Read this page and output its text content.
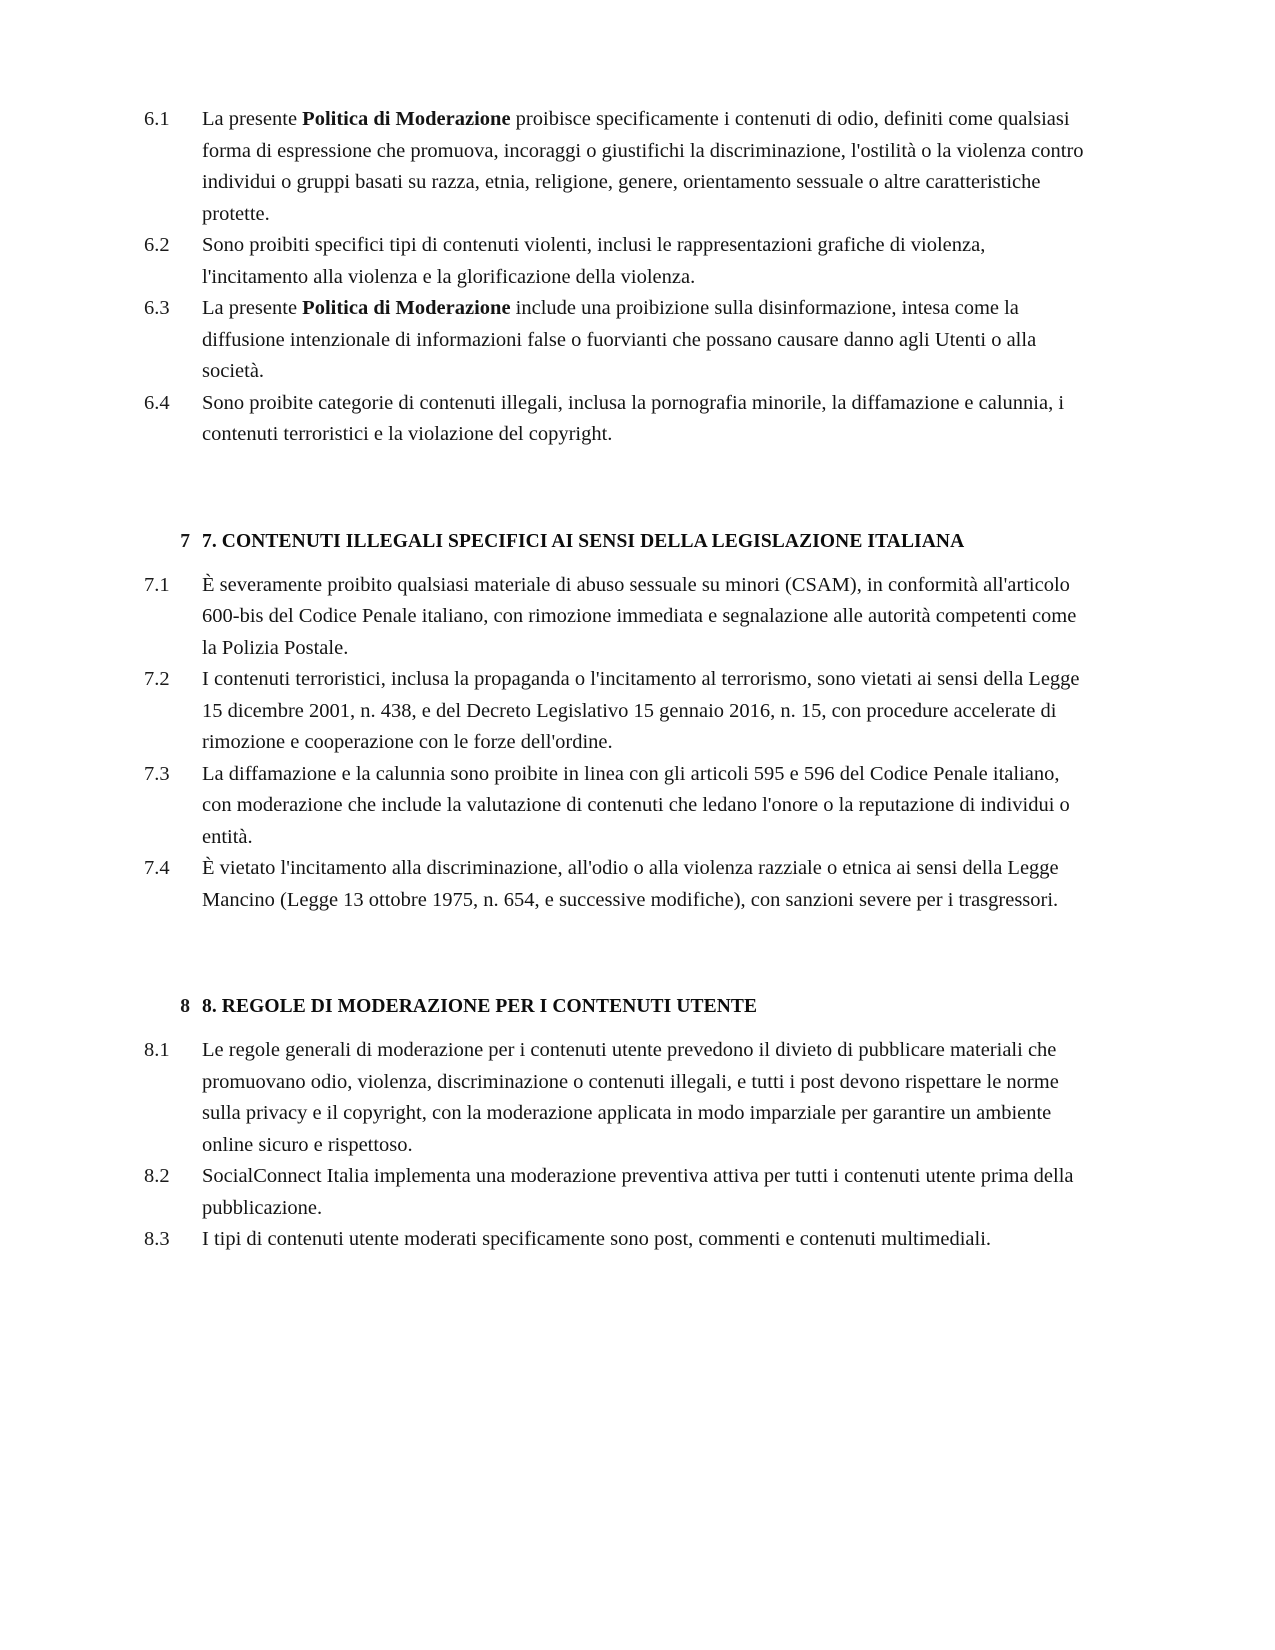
6.1	La presente Politica di Moderazione proibisce specificamente i contenuti di odio, definiti come qualsiasi forma di espressione che promuova, incoraggi o giustifichi la discriminazione, l'ostilità o la violenza contro individui o gruppi basati su razza, etnia, religione, genere, orientamento sessuale o altre caratteristiche protette.
6.2	Sono proibiti specifici tipi di contenuti violenti, inclusi le rappresentazioni grafiche di violenza, l'incitamento alla violenza e la glorificazione della violenza.
6.3	La presente Politica di Moderazione include una proibizione sulla disinformazione, intesa come la diffusione intenzionale di informazioni false o fuorvianti che possano causare danno agli Utenti o alla società.
6.4	Sono proibite categorie di contenuti illegali, inclusa la pornografia minorile, la diffamazione e calunnia, i contenuti terroristici e la violazione del copyright.
7 7. CONTENUTI ILLEGALI SPECIFICI AI SENSI DELLA LEGISLAZIONE ITALIANA
7.1	È severamente proibito qualsiasi materiale di abuso sessuale su minori (CSAM), in conformità all'articolo 600-bis del Codice Penale italiano, con rimozione immediata e segnalazione alle autorità competenti come la Polizia Postale.
7.2	I contenuti terroristici, inclusa la propaganda o l'incitamento al terrorismo, sono vietati ai sensi della Legge 15 dicembre 2001, n. 438, e del Decreto Legislativo 15 gennaio 2016, n. 15, con procedure accelerate di rimozione e cooperazione con le forze dell'ordine.
7.3	La diffamazione e la calunnia sono proibite in linea con gli articoli 595 e 596 del Codice Penale italiano, con moderazione che include la valutazione di contenuti che ledano l'onore o la reputazione di individui o entità.
7.4	È vietato l'incitamento alla discriminazione, all'odio o alla violenza razziale o etnica ai sensi della Legge Mancino (Legge 13 ottobre 1975, n. 654, e successive modifiche), con sanzioni severe per i trasgressori.
8 8. REGOLE DI MODERAZIONE PER I CONTENUTI UTENTE
8.1	Le regole generali di moderazione per i contenuti utente prevedono il divieto di pubblicare materiali che promuovano odio, violenza, discriminazione o contenuti illegali, e tutti i post devono rispettare le norme sulla privacy e il copyright, con la moderazione applicata in modo imparziale per garantire un ambiente online sicuro e rispettoso.
8.2	SocialConnect Italia implementa una moderazione preventiva attiva per tutti i contenuti utente prima della pubblicazione.
8.3	I tipi di contenuti utente moderati specificamente sono post, commenti e contenuti multimediali.
